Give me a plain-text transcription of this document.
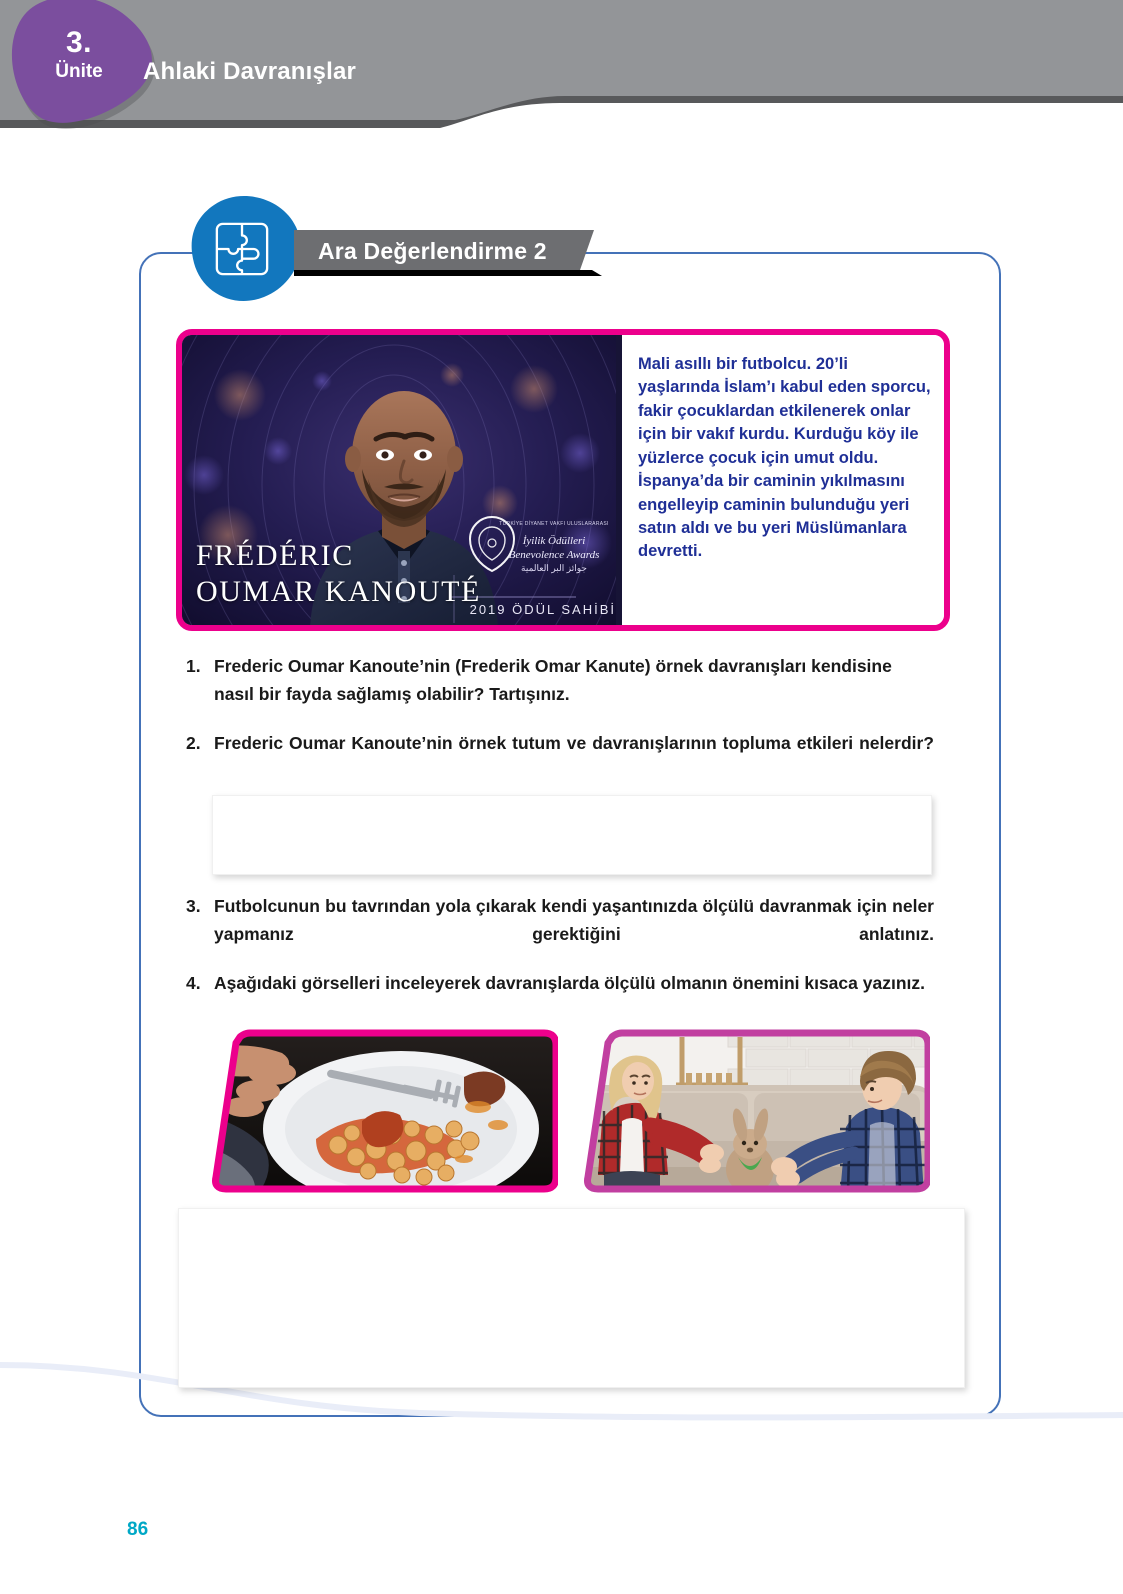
3.
Ünite	Ahlaki Davranışlar
Ara Değerlendirme 2
TÜRKİYE DİYANET VAKFI ULUSLARARASI
İyilik Ödülleri Benevolence Awards
جوائز البر العالمية
FRÉDÉRIC
OUMAR KANOUTÉ
2019 ÖDÜL SAHİBİ

Mali asıllı bir futbolcu. 20’li yaşlarında İslam’ı kabul eden sporcu, fakir çocuklardan etkilenerek onlar için bir vakıf kurdu. Kurduğu köy ile yüzlerce çocuk için umut oldu. İspanya’da bir caminin yıkılmasını engelleyip caminin bulunduğu yeri satın aldı ve bu yeri Müslümanlara devretti.

1. Frederic Oumar Kanoute’nin (Frederik Omar Kanute) örnek davranışları kendisine nasıl bir fayda sağlamış olabilir? Tartışınız.
2. Frederic Oumar Kanoute’nin örnek tutum ve davranışlarının topluma etkileri nelerdir?
3. Futbolcunun bu tavrından yola çıkarak kendi yaşantınızda ölçülü davranmak için neler yapmanız gerektiğini anlatınız.
4. Aşağıdaki görselleri inceleyerek davranışlarda ölçülü olmanın önemini kısaca yazınız.
86
